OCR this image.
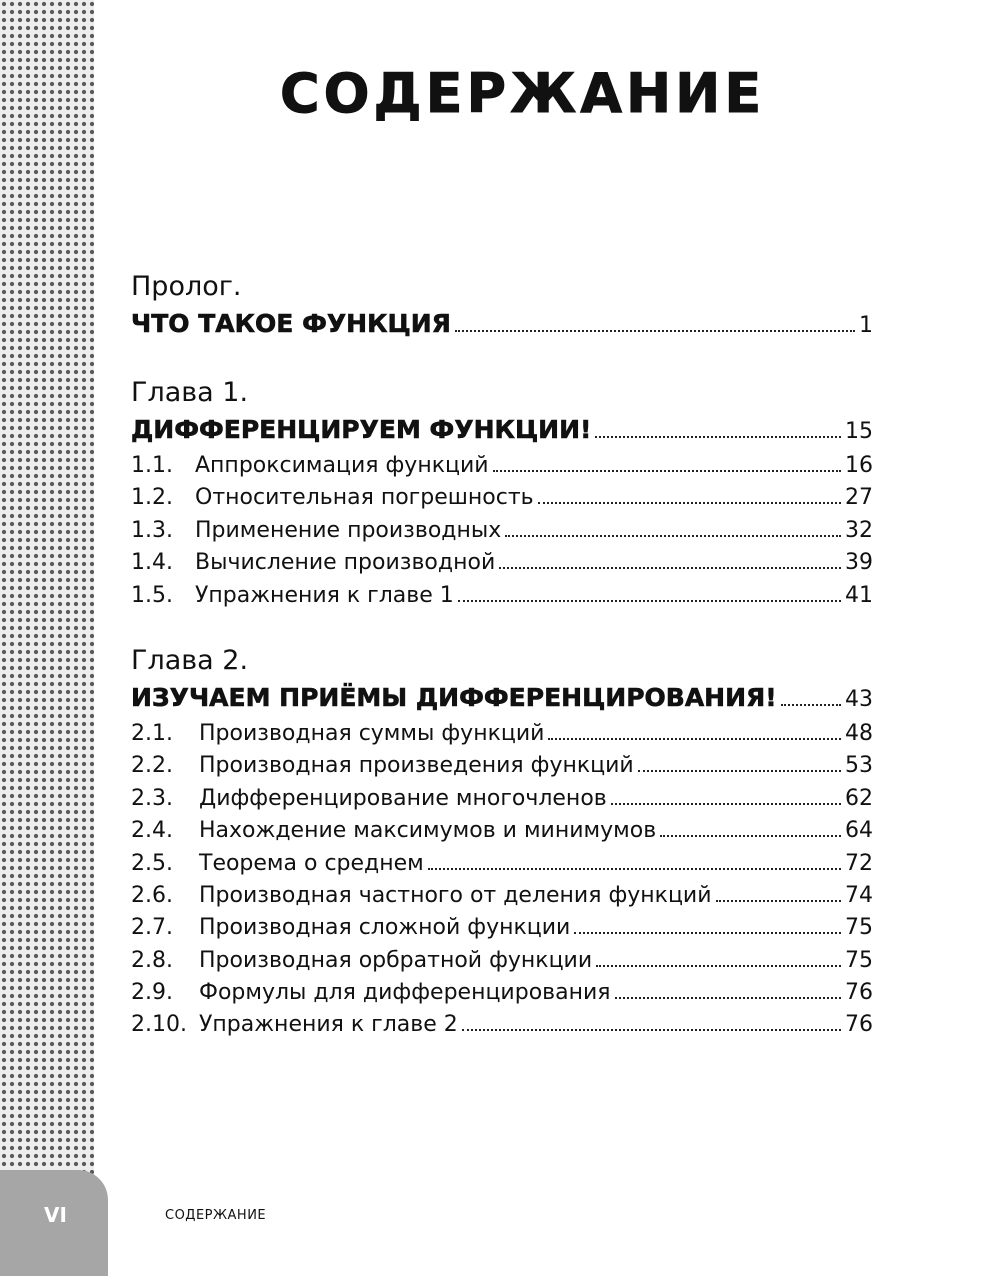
VI	СОДЕРЖАНИЕ
СОДЕРЖАНИЕ
Пролог.
ЧТО ТАКОЕ ФУНКЦИЯ	1
Глава 1.
ДИФФЕРЕНЦИРУЕМ ФУНКЦИИ!	15
1.1.	Аппроксимация функций	16
1.2.	Относительная погрешность	27
1.3.	Применение производных	32
1.4.	Вычисление производной	39
1.5.	Упражнения к главе 1	41
Глава 2.
ИЗУЧАЕМ ПРИЁМЫ ДИФФЕРЕНЦИРОВАНИЯ!	43
2.1.	Производная суммы функций	48
2.2.	Производная произведения функций	53
2.3.	Дифференцирование многочленов	62
2.4.	Нахождение максимумов и минимумов	64
2.5.	Теорема о среднем	72
2.6.	Производная частного от деления функций	74
2.7.	Производная сложной функции	75
2.8.	Производная орбратной функции	75
2.9.	Формулы для дифференцирования	76
2.10. Упражнения к главе 2	76
